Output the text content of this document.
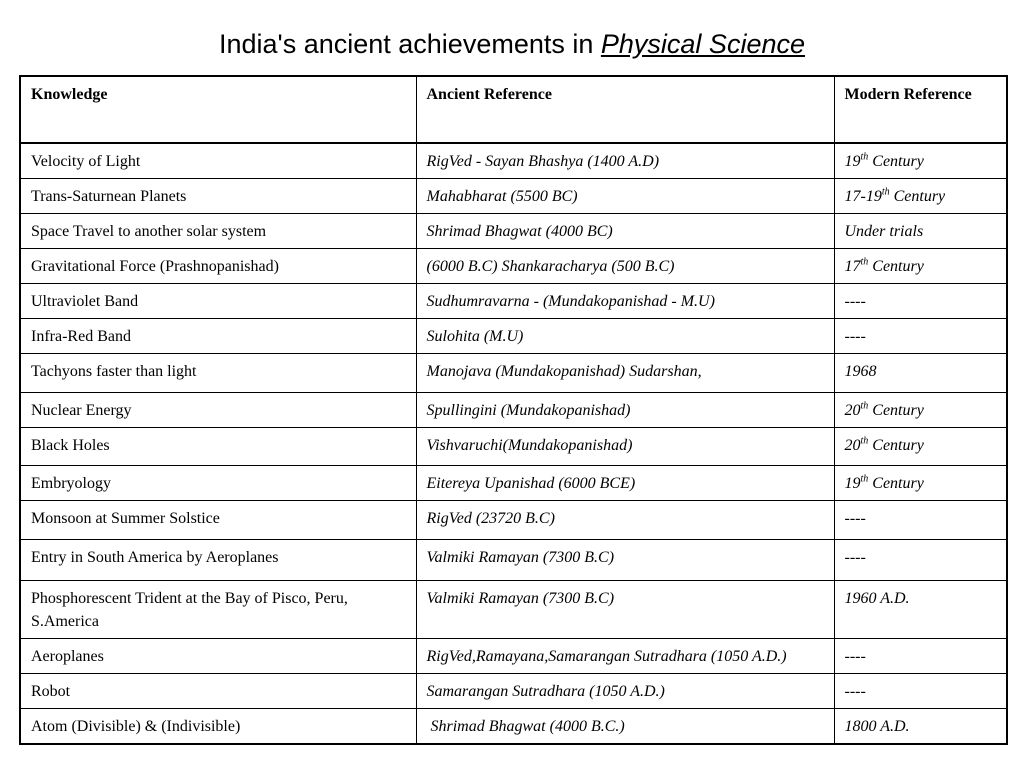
India's ancient achievements in Physical Science
Knowledge	Ancient Reference	Modern Reference
Velocity of Light	RigVed - Sayan Bhashya (1400 A.D)	19th Century
Trans-Saturnean Planets	Mahabharat (5500 BC)	17-19th Century
Space Travel to another solar system	Shrimad Bhagwat (4000 BC)	Under trials
Gravitational Force (Prashnopanishad)	(6000 B.C) Shankaracharya (500 B.C)	17th Century
Ultraviolet Band	Sudhumravarna - (Mundakopanishad - M.U)	----
Infra-Red Band	Sulohita (M.U)	----
Tachyons faster than light	Manojava (Mundakopanishad) Sudarshan,	1968
Nuclear Energy	Spullingini (Mundakopanishad)	20th Century
Black Holes	Vishvaruchi(Mundakopanishad)	20th Century
Embryology	Eitereya Upanishad (6000 BCE)	19th Century
Monsoon at Summer Solstice	RigVed (23720 B.C)	----
Entry in South America by Aeroplanes	Valmiki Ramayan (7300 B.C)	----
Phosphorescent Trident at the Bay of Pisco, Peru, S.America	Valmiki Ramayan (7300 B.C)	1960 A.D.
Aeroplanes	RigVed,Ramayana,Samarangan Sutradhara (1050 A.D.)	----
Robot	Samarangan Sutradhara (1050 A.D.)	----
Atom (Divisible) & (Indivisible)	Shrimad Bhagwat (4000 B.C.)	1800 A.D.
